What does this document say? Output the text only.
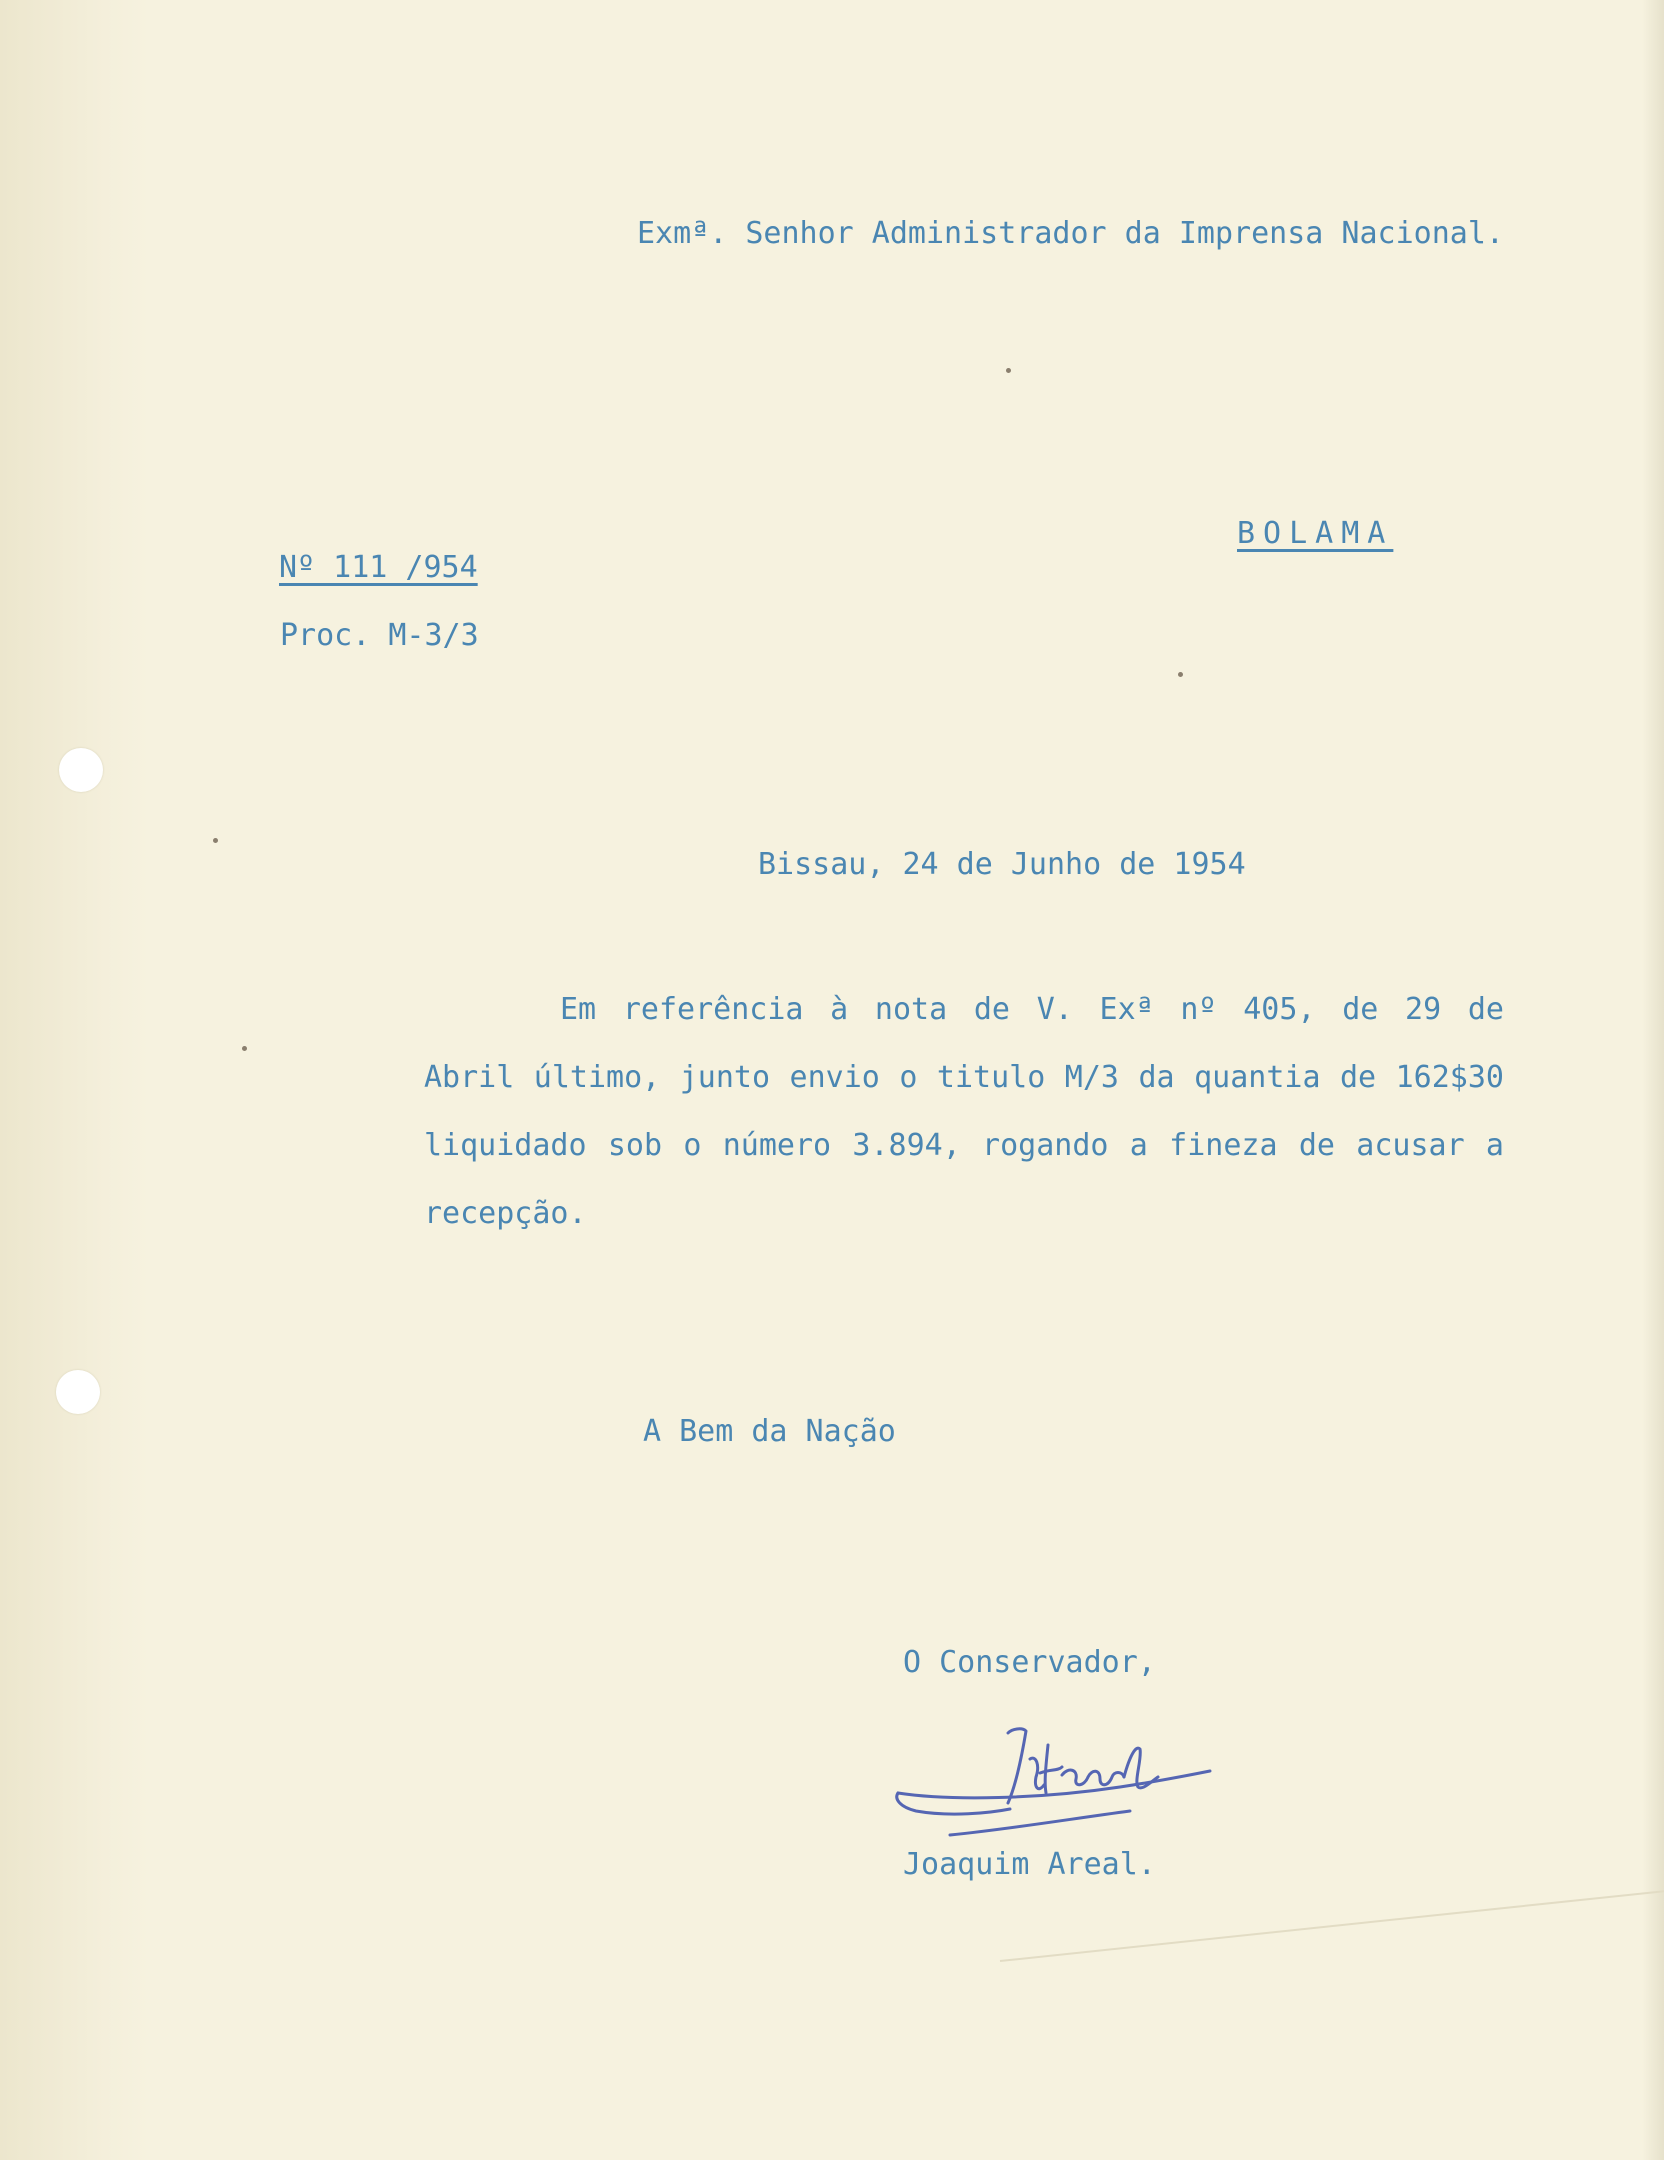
Exmª. Senhor Administrador da Imprensa Nacional.
BOLAMA
Nº 111 /954
Proc. M-3/3
Bissau, 24 de Junho de 1954
Em referência à nota de V. Exª nº 405, de 29 de Abril último, junto envio o titulo M/3 da quantia de 162$30 liquidado sob o número 3.894, rogando a fineza de acusar a recepção.
A Bem da Nação
O Conservador,
Joaquim Areal.
